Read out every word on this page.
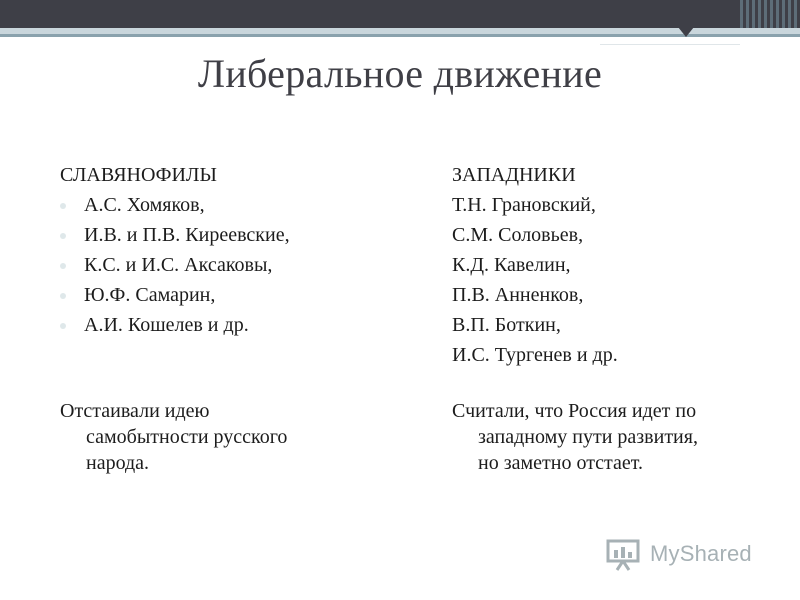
Либеральное движение
СЛАВЯНОФИЛЫ
А.С. Хомяков,
И.В. и П.В. Киреевские,
К.С. и И.С. Аксаковы,
Ю.Ф. Самарин,
А.И. Кошелев и др.
ЗАПАДНИКИ
Т.Н. Грановский,
С.М. Соловьев,
К.Д. Кавелин,
П.В. Анненков,
В.П. Боткин,
И.С. Тургенев и др.
Отстаивали идею
самобытности русского
народа.
Считали, что Россия идет по
западному пути развития,
но заметно отстает.
MyShared
